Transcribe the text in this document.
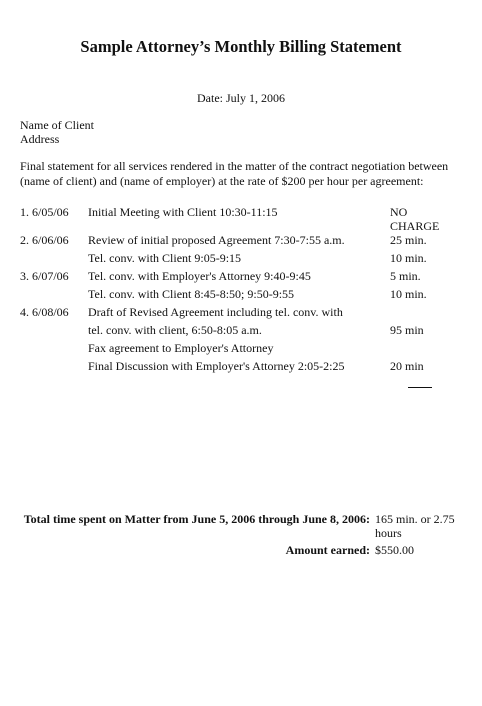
Sample Attorney’s Monthly Billing Statement
Date: July 1, 2006
Name of Client
Address
Final statement for all services rendered in the matter of the contract negotiation between (name of client) and (name of employer) at the rate of $200 per hour per agreement:
1. 6/05/06 Initial Meeting with Client 10:30-11:15	NO CHARGE
2. 6/06/06 Review of initial proposed Agreement 7:30-7:55 a.m.	25 min.
Tel. conv. with Client 9:05-9:15	10 min.
3. 6/07/06 Tel. conv. with Employer's Attorney 9:40-9:45	5 min.
Tel. conv. with Client 8:45-8:50; 9:50-9:55	10 min.
4. 6/08/06 Draft of Revised Agreement including tel. conv. with
tel. conv. with client, 6:50-8:05 a.m.	95 min
Fax agreement to Employer's Attorney
Final Discussion with Employer's Attorney 2:05-2:25	20 min
Total time spent on Matter from June 5, 2006 through June 8, 2006: 165 min. or 2.75 hours
Amount earned: $550.00
